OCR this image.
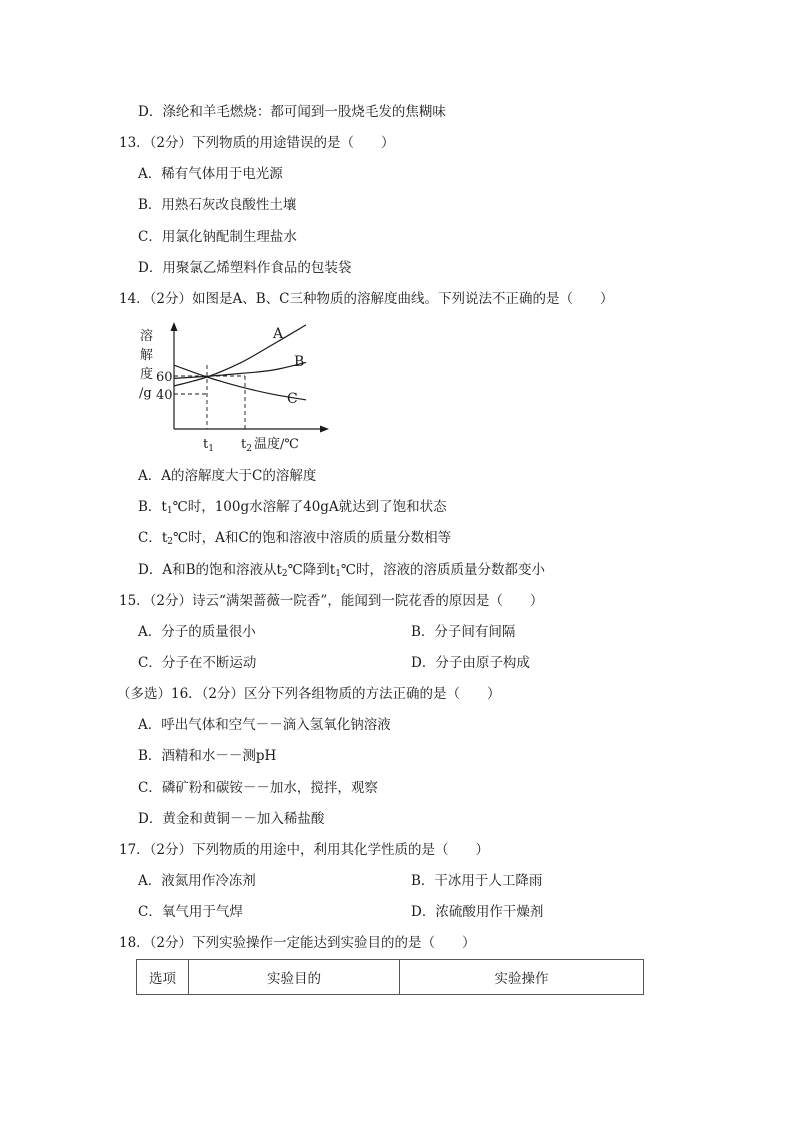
D．涤纶和羊毛燃烧：都可闻到一股烧毛发的焦糊味
13．（2分）下列物质的用途错误的是（　　）
A．稀有气体用于电光源
B．用熟石灰改良酸性土壤
C．用氯化钠配制生理盐水
D．用聚氯乙烯塑料作食品的包装袋
14．（2分）如图是A、B、C三种物质的溶解度曲线。下列说法不正确的是（　　）
A
B
C
溶
解
度
/g
60
40
$t_1$ $t_2$ 温度/℃
A．A的溶解度大于C的溶解度
B．$t_1℃$时，100g水溶解了40gA就达到了饱和状态
C．$t_2℃$时，A和C的饱和溶液中溶质的质量分数相等
D．A和B的饱和溶液从$t_2℃$降到$t_1℃$时，溶液的溶质质量分数都变小
15．（2分）诗云“满架蔷薇一院香”，能闻到一院花香的原因是（　　）
A．分子的质量很小	B．分子间有间隔
C．分子在不断运动	D．分子由原子构成
（多选）16．（2分）区分下列各组物质的方法正确的是（　　）
A．呼出气体和空气－－滴入氢氧化钠溶液
B．酒精和水－－测pH
C．磷矿粉和碳铵－－加水，搅拌，观察
D．黄金和黄铜－－加入稀盐酸
17．（2分）下列物质的用途中，利用其化学性质的是（　　）
A．液氮用作冷冻剂	B．干冰用于人工降雨
C．氧气用于气焊	D．浓硫酸用作干燥剂
18．（2分）下列实验操作一定能达到实验目的的是（　　）
选项	实验目的	实验操作
